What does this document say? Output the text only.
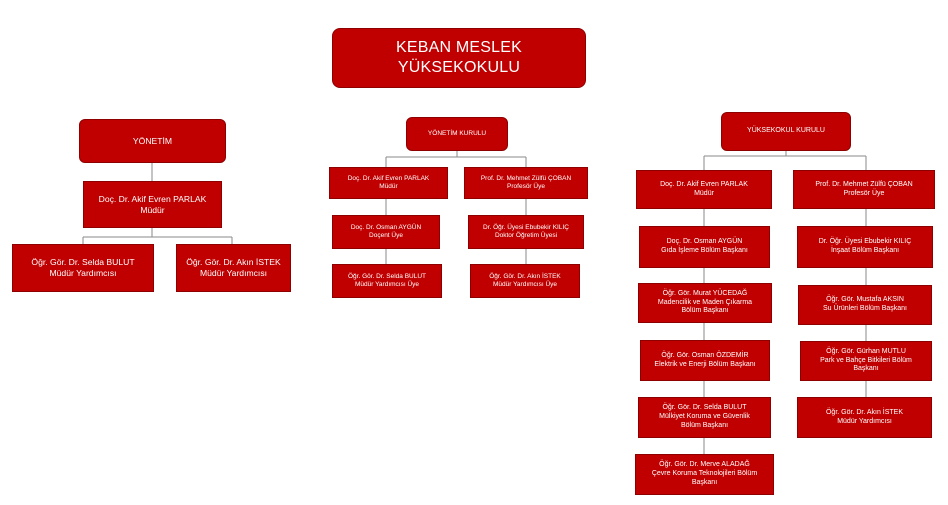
KEBAN MESLEK YÜKSEKOKULU
YÖNETİM
Doç. Dr. Akif Evren PARLAK
Müdür
Öğr. Gör. Dr. Selda BULUT
Müdür Yardımcısı
Öğr. Gör. Dr. Akın İSTEK
Müdür Yardımcısı
YÖNETİM KURULU
Doç. Dr. Akif Evren PARLAK
Müdür
Doç. Dr. Osman AYGÜN
Doçent Üye
Öğr. Gör. Dr. Selda BULUT
Müdür Yardımcısı Üye
Prof. Dr. Mehmet Zülfü ÇOBAN
Profesör Üye
Dr. Öğr. Üyesi Ebubekir KILIÇ
Doktor Öğretim Üyesi
Öğr. Gör. Dr. Akın İSTEK
Müdür Yardımcısı Üye
YÜKSEKOKUL KURULU
Doç. Dr. Akif Evren PARLAK
Müdür
Doç. Dr. Osman AYGÜN
Gıda İşleme Bölüm Başkanı
Öğr. Gör. Murat YÜCEDAĞ
Madencilik ve Maden Çıkarma
Bölüm Başkanı
Öğr. Gör. Osman ÖZDEMİR
Elektrik ve Enerji Bölüm Başkanı
Öğr. Gör. Dr. Selda BULUT
Mülkiyet Koruma ve Güvenlik
Bölüm Başkanı
Öğr. Gör. Dr. Merve ALADAĞ
Çevre Koruma Teknolojileri Bölüm
Başkanı
Prof. Dr. Mehmet Zülfü ÇOBAN
Profesör Üye
Dr. Öğr. Üyesi Ebubekir KILIÇ
İnşaat Bölüm Başkanı
Öğr. Gör. Mustafa AKSIN
Su Ürünleri Bölüm Başkanı
Öğr. Gör. Gürhan MUTLU
Park ve Bahçe Bitkileri Bölüm
Başkanı
Öğr. Gör. Dr. Akın İSTEK
Müdür Yardımcısı
